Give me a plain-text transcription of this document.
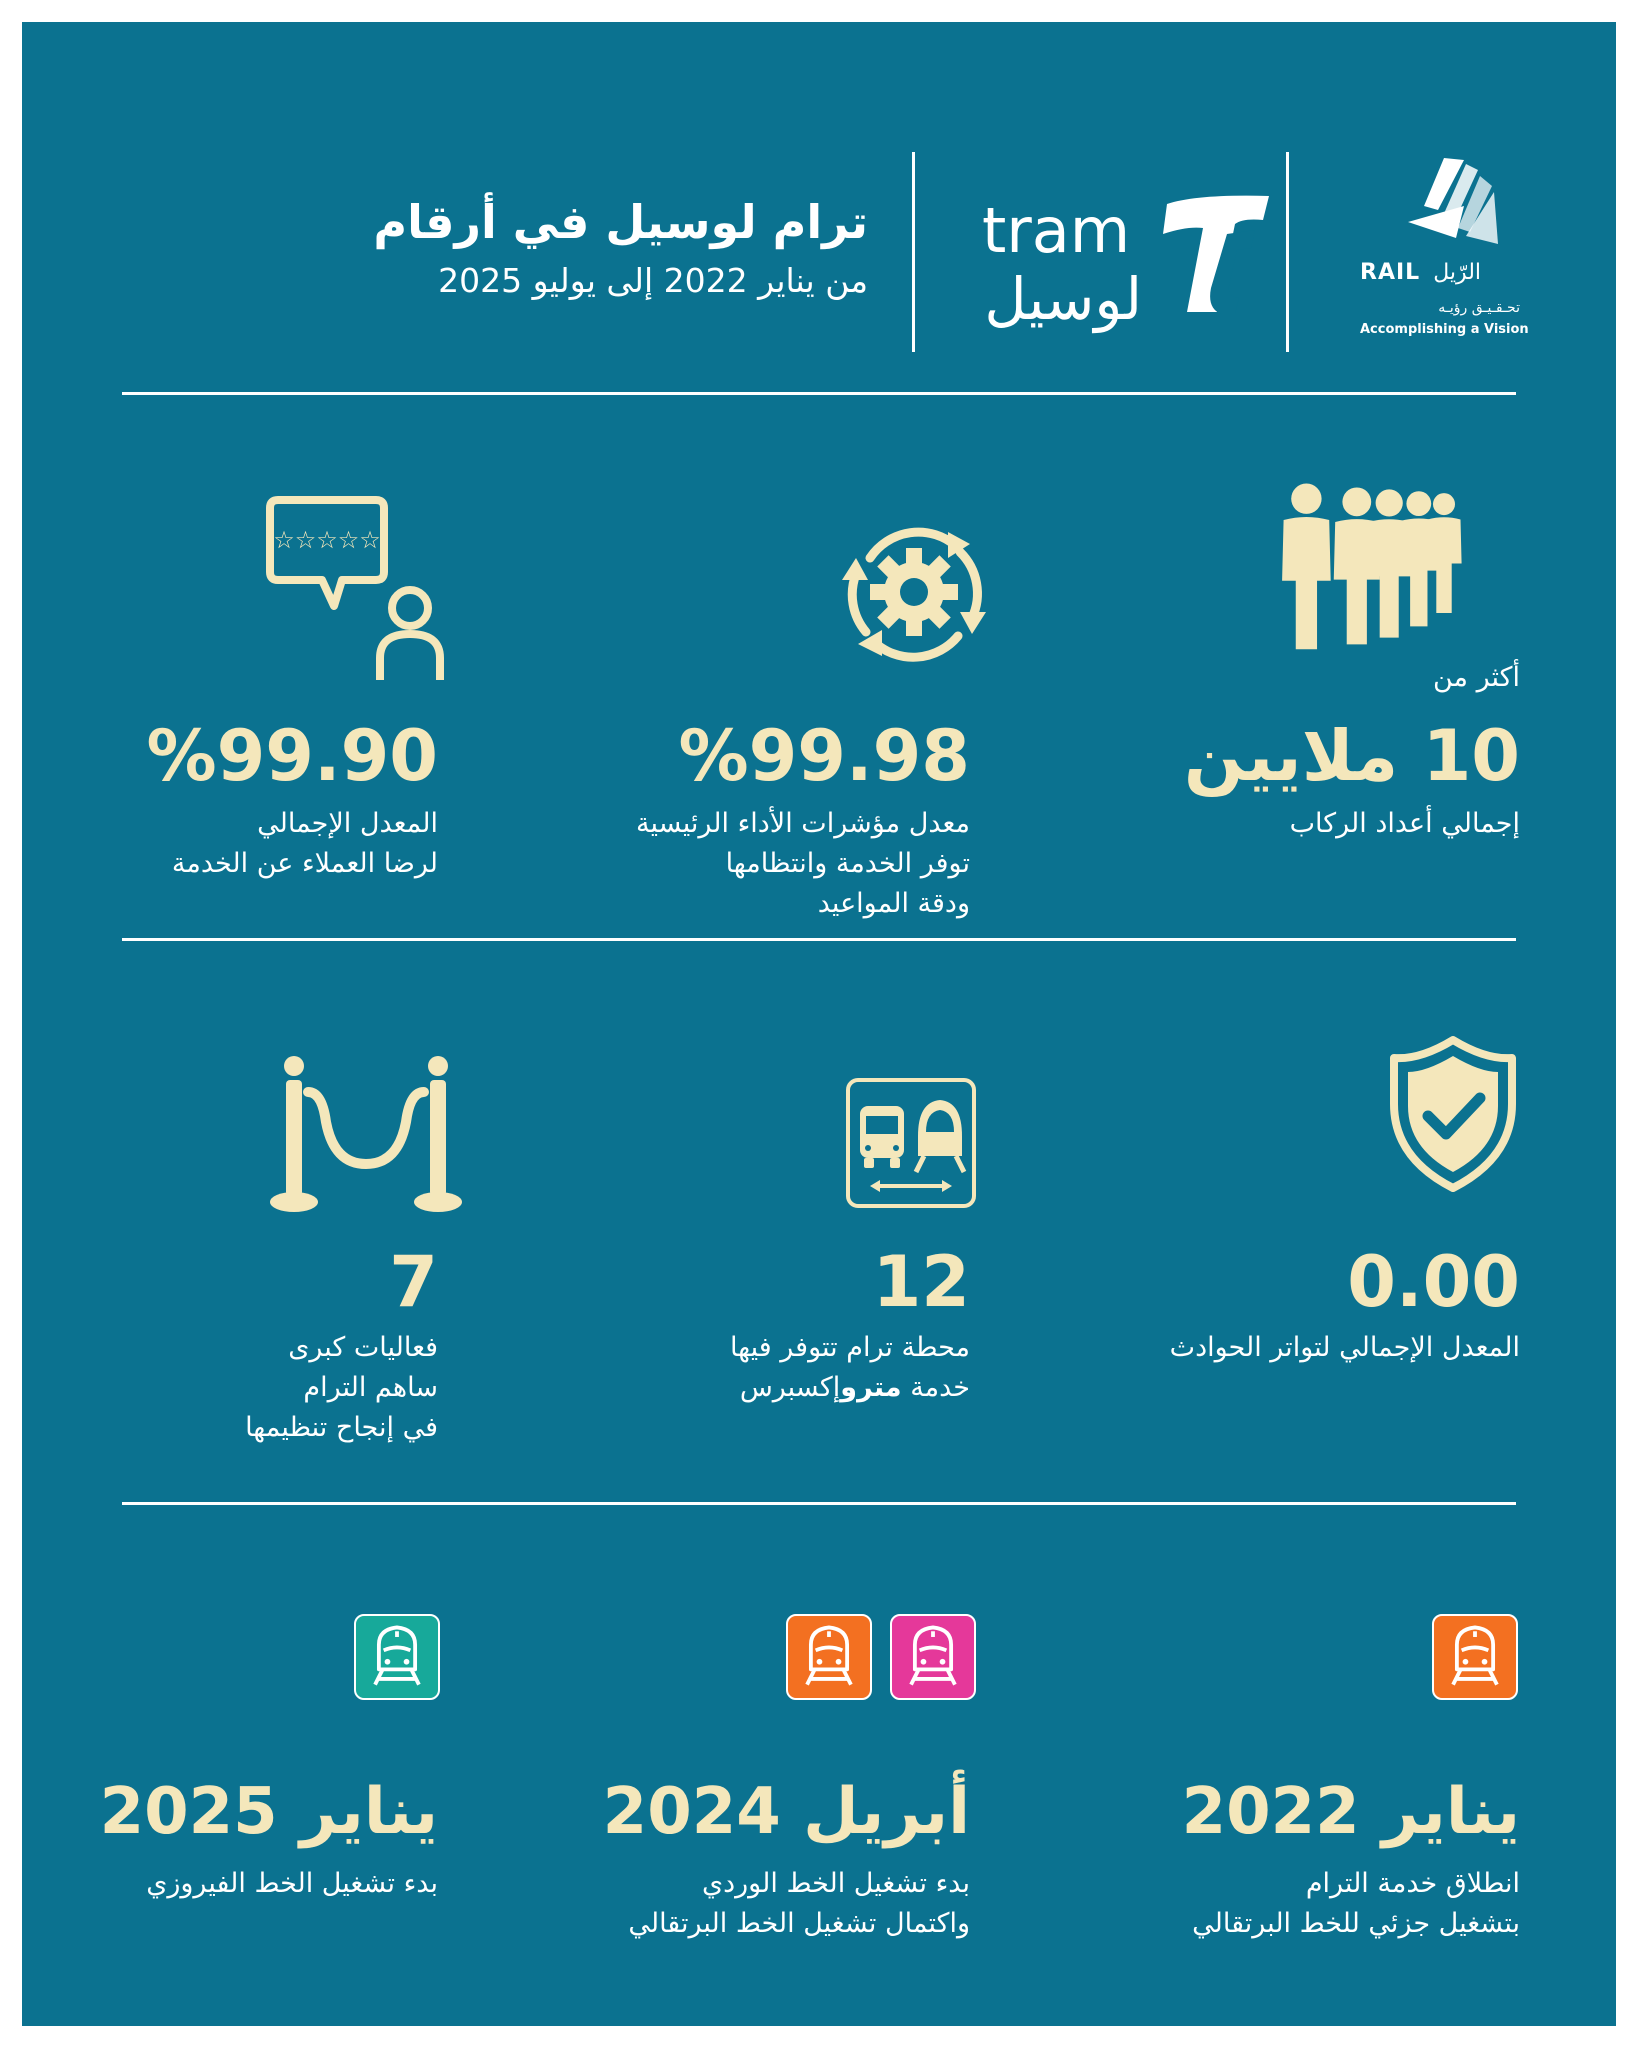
ترام لوسيل في أرقام
من يناير 2022 إلى يوليو 2025
tram
لوسيل	RAIL الرّيل
تحـقـيـق رؤيـه
Accomplishing a Vision
أكثر من
10 ملايين
إجمالي أعداد الركاب
%99.98
معدل مؤشرات الأداء الرئيسية
توفر الخدمة وانتظامها
ودقة المواعيد
☆☆☆☆☆
%99.90
المعدل الإجمالي
لرضا العملاء عن الخدمة
0.00
المعدل الإجمالي لتواتر الحوادث
12
محطة ترام تتوفر فيها
خدمة متروإكسبرس
7
فعاليات كبرى
ساهم الترام
في إنجاح تنظيمها
يناير 2022
انطلاق خدمة الترام
بتشغيل جزئي للخط البرتقالي
أبريل 2024
بدء تشغيل الخط الوردي
واكتمال تشغيل الخط البرتقالي
يناير 2025
بدء تشغيل الخط الفيروزي
